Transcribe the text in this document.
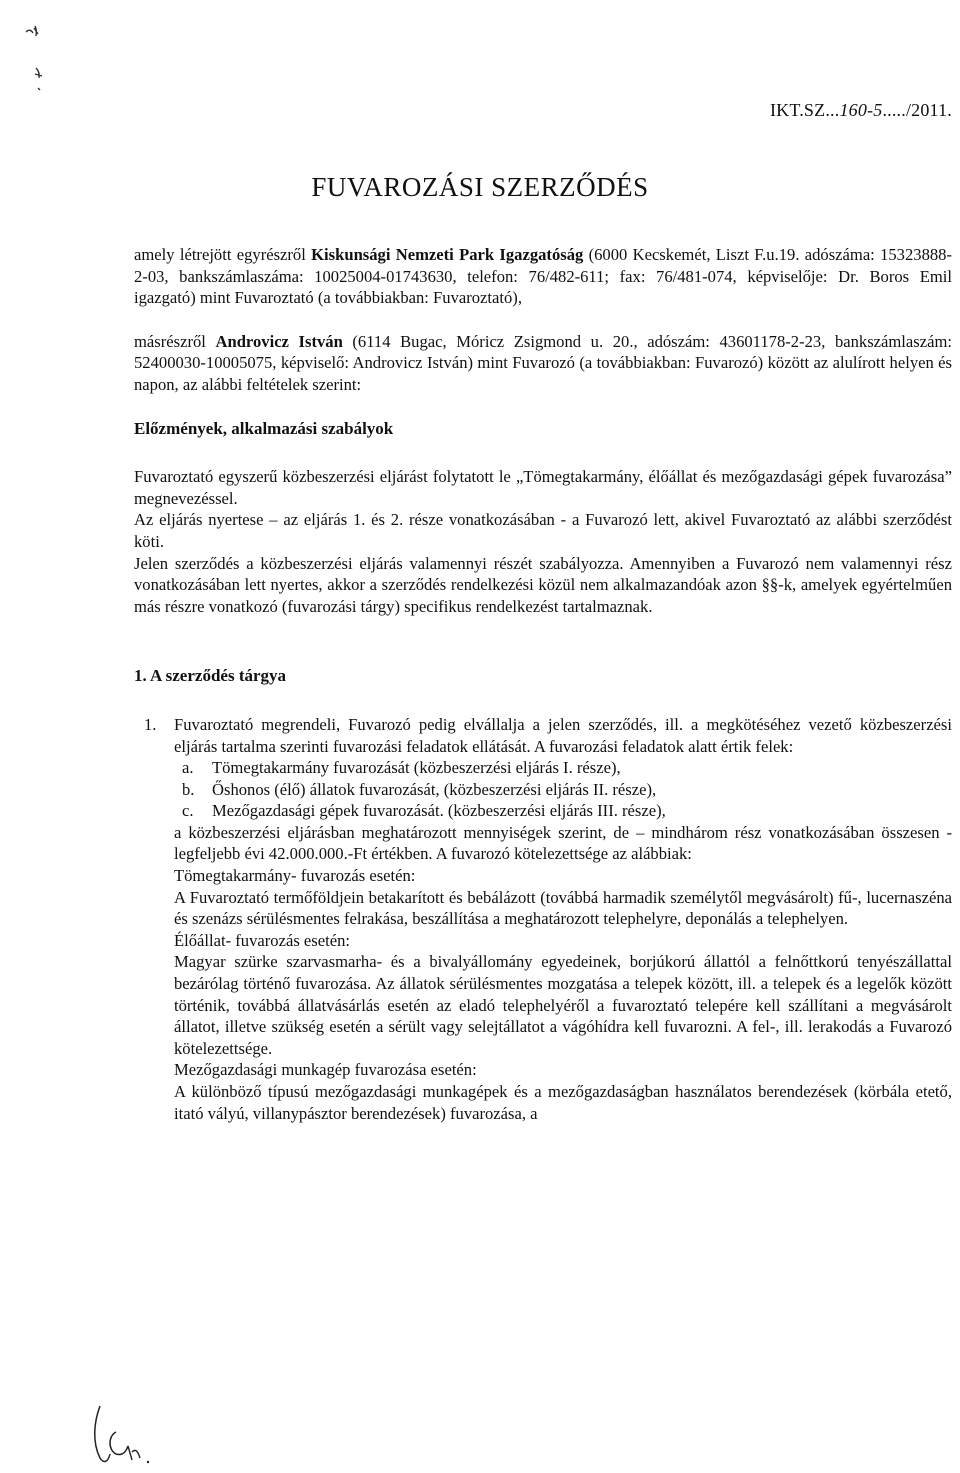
IKT.SZ...160-5...../2011.
FUVAROZÁSI SZERZŐDÉS

amely létrejött egyrészről Kiskunsági Nemzeti Park Igazgatóság (6000 Kecskemét, Liszt F.u.19. adószáma: 15323888-2-03, bankszámlaszáma: 10025004-01743630, telefon: 76/482-611; fax: 76/481-074, képviselője: Dr. Boros Emil igazgató) mint Fuvaroztató (a továbbiakban: Fuvaroztató),

másrészről Androvicz István (6114 Bugac, Móricz Zsigmond u. 20., adószám: 43601178-2-23, bankszámlaszám: 52400030-10005075, képviselő: Androvicz István) mint Fuvarozó (a továbbiakban: Fuvarozó) között az alulírott helyen és napon, az alábbi feltételek szerint:

Előzmények, alkalmazási szabályok

Fuvaroztató egyszerű közbeszerzési eljárást folytatott le „Tömegtakarmány, élőállat és mezőgazdasági gépek fuvarozása” megnevezéssel.

Az eljárás nyertese – az eljárás 1. és 2. része vonatkozásában - a Fuvarozó lett, akivel Fuvaroztató az alábbi szerződést köti.

Jelen szerződés a közbeszerzési eljárás valamennyi részét szabályozza. Amennyiben a Fuvarozó nem valamennyi rész vonatkozásában lett nyertes, akkor a szerződés rendelkezési közül nem alkalmazandóak azon §§-k, amelyek egyértelműen más részre vonatkozó (fuvarozási tárgy) specifikus rendelkezést tartalmaznak.

1. A szerződés tárgya

1. Fuvaroztató megrendeli, Fuvarozó pedig elvállalja a jelen szerződés, ill. a megkötéséhez vezető közbeszerzési eljárás tartalma szerinti fuvarozási feladatok ellátását. A fuvarozási feladatok alatt értik felek:
a. Tömegtakarmány fuvarozását (közbeszerzési eljárás I. része),
b. Őshonos (élő) állatok fuvarozását, (közbeszerzési eljárás II. része),
c. Mezőgazdasági gépek fuvarozását. (közbeszerzési eljárás III. része),

a közbeszerzési eljárásban meghatározott mennyiségek szerint, de – mindhárom rész vonatkozásában összesen - legfeljebb évi 42.000.000.-Ft értékben. A fuvarozó kötelezettsége az alábbiak:

Tömegtakarmány- fuvarozás esetén:

A Fuvaroztató termőföldjein betakarított és bebálázott (továbbá harmadik személytől megvásárolt) fű-, lucernaszéna és szenázs sérülésmentes felrakása, beszállítása a meghatározott telephelyre, deponálás a telephelyen.

Élőállat- fuvarozás esetén:

Magyar szürke szarvasmarha- és a bivalyállomány egyedeinek, borjúkorú állattól a felnőttkorú tenyészállattal bezárólag történő fuvarozása. Az állatok sérülésmentes mozgatása a telepek között, ill. a telepek és a legelők között történik, továbbá állatvásárlás esetén az eladó telephelyéről a fuvaroztató telepére kell szállítani a megvásárolt állatot, illetve szükség esetén a sérült vagy selejtállatot a vágóhídra kell fuvarozni. A fel-, ill. lerakodás a Fuvarozó kötelezettsége.

Mezőgazdasági munkagép fuvarozása esetén:

A különböző típusú mezőgazdasági munkagépek és a mezőgazdaságban használatos berendezések (körbála etető, itató vályú, villanypásztor berendezések) fuvarozása, a
